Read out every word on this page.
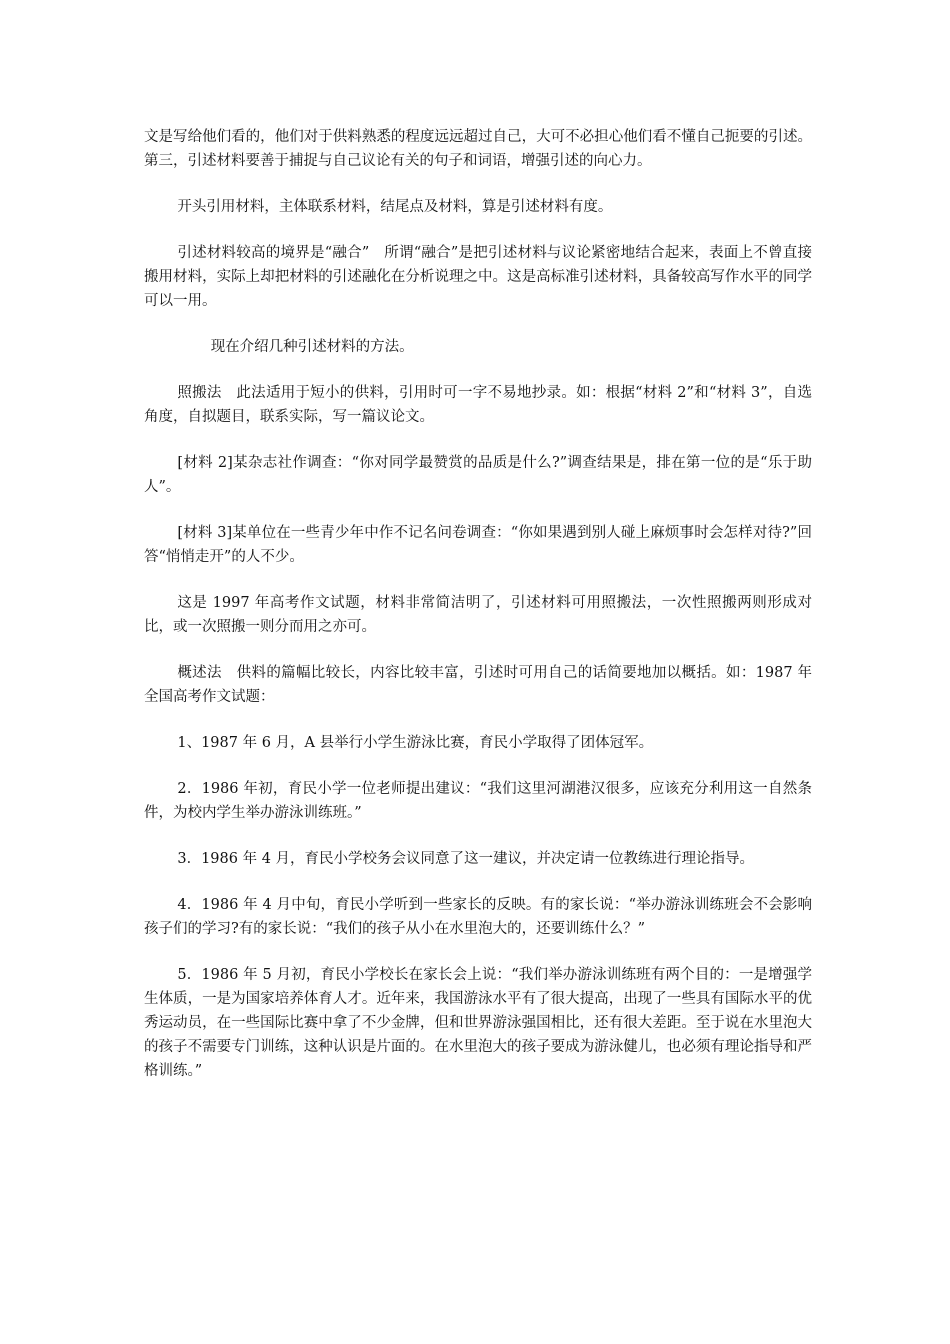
文是写给他们看的，他们对于供料熟悉的程度远远超过自己，大可不必担心他们看不懂自己扼要的引述。第三，引述材料要善于捕捉与自己议论有关的句子和词语，增强引述的向心力。

开头引用材料，主体联系材料，结尾点及材料，算是引述材料有度。

引述材料较高的境界是“融合”　所谓“融合”是把引述材料与议论紧密地结合起来，表面上不曾直接搬用材料，实际上却把材料的引述融化在分析说理之中。这是高标准引述材料，具备较高写作水平的同学可以一用。

现在介绍几种引述材料的方法。

照搬法　此法适用于短小的供料，引用时可一字不易地抄录。如：根据“材料 2”和“材料 3”，自选角度，自拟题目，联系实际，写一篇议论文。

[材料 2]某杂志社作调查：“你对同学最赞赏的品质是什么?”调查结果是，排在第一位的是“乐于助人”。

[材料 3]某单位在一些青少年中作不记名问卷调查：“你如果遇到别人碰上麻烦事时会怎样对待?”回答“悄悄走开”的人不少。

这是 1997 年高考作文试题，材料非常简洁明了，引述材料可用照搬法，一次性照搬两则形成对比，或一次照搬一则分而用之亦可。

概述法　供料的篇幅比较长，内容比较丰富，引述时可用自己的话简要地加以概括。如：1987 年全国高考作文试题：

1、1987 年 6 月，A 县举行小学生游泳比赛，育民小学取得了团体冠军。

2．1986 年初，育民小学一位老师提出建议：“我们这里河湖港汉很多，应该充分利用这一自然条件，为校内学生举办游泳训练班。”

3．1986 年 4 月，育民小学校务会议同意了这一建议，并决定请一位教练进行理论指导。

4．1986 年 4 月中旬，育民小学听到一些家长的反映。有的家长说：“举办游泳训练班会不会影响孩子们的学习?有的家长说：“我们的孩子从小在水里泡大的，还要训练什么？”

5．1986 年 5 月初，育民小学校长在家长会上说：“我们举办游泳训练班有两个目的：一是增强学生体质，一是为国家培养体育人才。近年来，我国游泳水平有了很大提高，出现了一些具有国际水平的优秀运动员，在一些国际比赛中拿了不少金牌，但和世界游泳强国相比，还有很大差距。至于说在水里泡大的孩子不需要专门训练，这种认识是片面的。在水里泡大的孩子要成为游泳健儿，也必须有理论指导和严格训练。”
